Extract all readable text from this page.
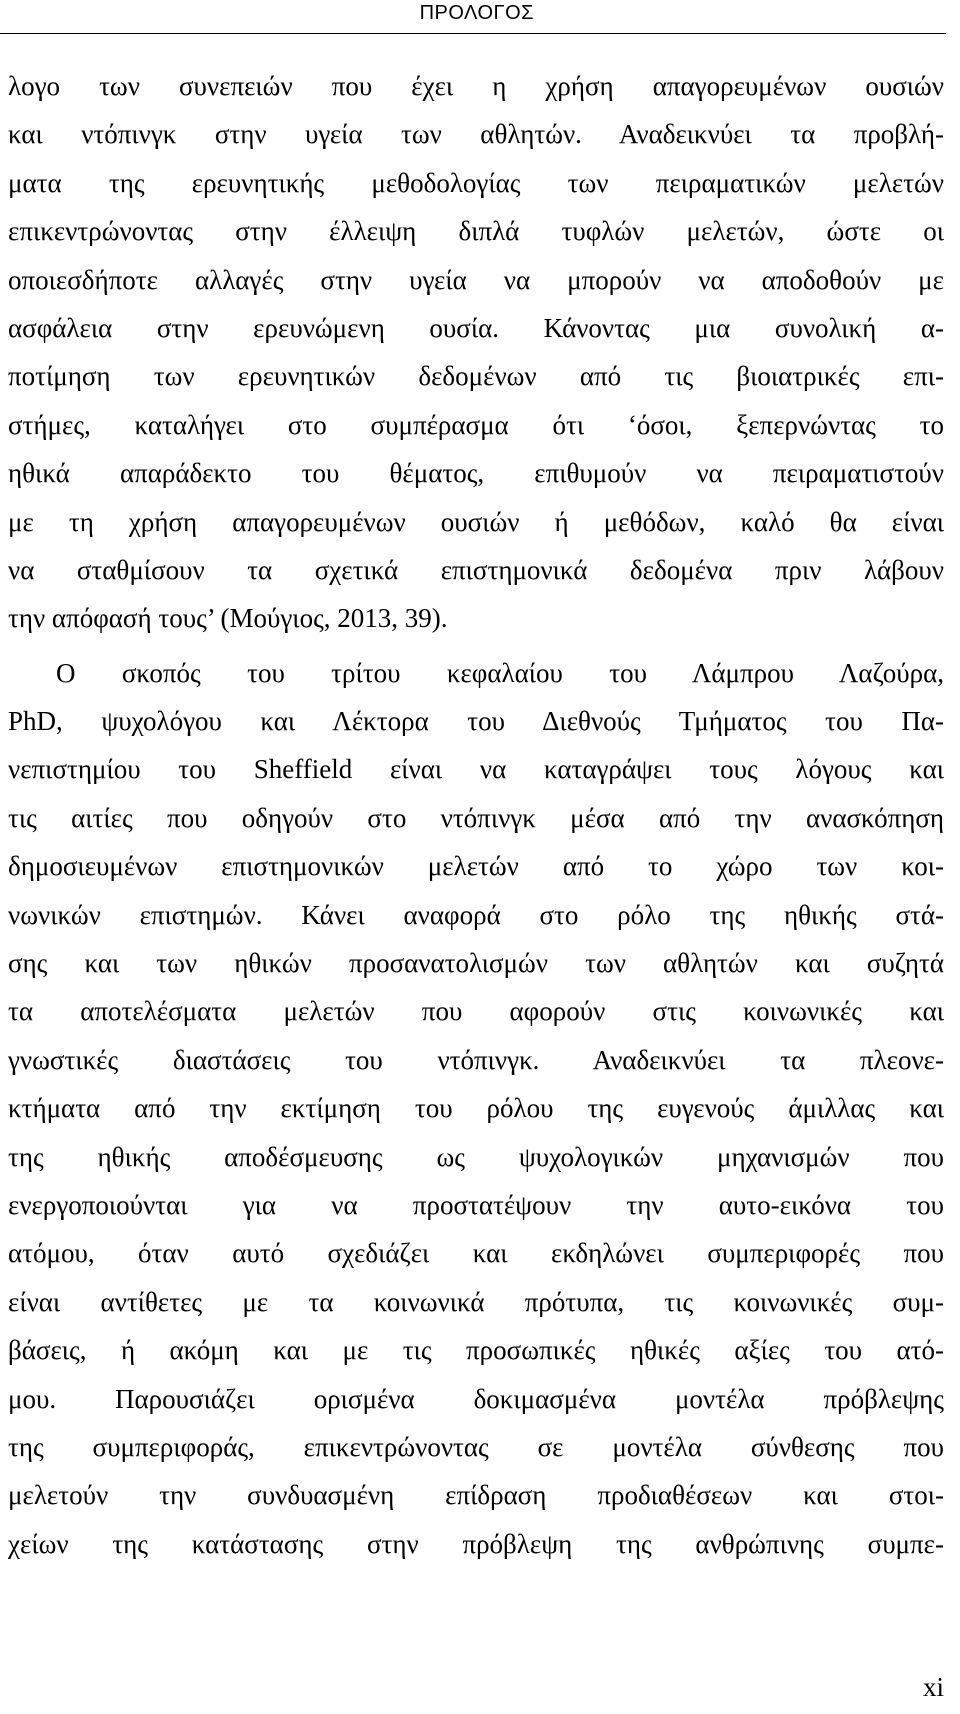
ΠΡΟΛΟΓΟΣ
λογο των συνεπειών που έχει η χρήση απαγορευμένων ουσιών
και ντόπινγκ στην υγεία των αθλητών. Αναδεικνύει τα προβλή-
ματα της ερευνητικής μεθοδολογίας των πειραματικών μελετών
επικεντρώνοντας στην έλλειψη διπλά τυφλών μελετών, ώστε οι
οποιεσδήποτε αλλαγές στην υγεία να μπορούν να αποδοθούν με
ασφάλεια στην ερευνώμενη ουσία. Κάνοντας μια συνολική α-
ποτίμηση των ερευνητικών δεδομένων από τις βιοιατρικές επι-
στήμες, καταλήγει στο συμπέρασμα ότι ‘όσοι, ξεπερνώντας το
ηθικά απαράδεκτο του θέματος, επιθυμούν να πειραματιστούν
με τη χρήση απαγορευμένων ουσιών ή μεθόδων, καλό θα είναι
να σταθμίσουν τα σχετικά επιστημονικά δεδομένα πριν λάβουν
την απόφασή τους’ (Μούγιος, 2013, 39).
Ο σκοπός του τρίτου κεφαλαίου του Λάμπρου Λαζούρα,
PhD, ψυχολόγου και Λέκτορα του Διεθνούς Τμήματος του Πα-
νεπιστημίου του Sheffield είναι να καταγράψει τους λόγους και
τις αιτίες που οδηγούν στο ντόπινγκ μέσα από την ανασκόπηση
δημοσιευμένων επιστημονικών μελετών από το χώρο των κοι-
νωνικών επιστημών. Κάνει αναφορά στο ρόλο της ηθικής στά-
σης και των ηθικών προσανατολισμών των αθλητών και συζητά
τα αποτελέσματα μελετών που αφορούν στις κοινωνικές και
γνωστικές διαστάσεις του ντόπινγκ. Αναδεικνύει τα πλεονε-
κτήματα από την εκτίμηση του ρόλου της ευγενούς άμιλλας και
της ηθικής αποδέσμευσης ως ψυχολογικών μηχανισμών που
ενεργοποιούνται για να προστατέψουν την αυτο-εικόνα του
ατόμου, όταν αυτό σχεδιάζει και εκδηλώνει συμπεριφορές που
είναι αντίθετες με τα κοινωνικά πρότυπα, τις κοινωνικές συμ-
βάσεις, ή ακόμη και με τις προσωπικές ηθικές αξίες του ατό-
μου. Παρουσιάζει ορισμένα δοκιμασμένα μοντέλα πρόβλεψης
της συμπεριφοράς, επικεντρώνοντας σε μοντέλα σύνθεσης που
μελετούν την συνδυασμένη επίδραση προδιαθέσεων και στοι-
χείων της κατάστασης στην πρόβλεψη της ανθρώπινης συμπε-
xi
